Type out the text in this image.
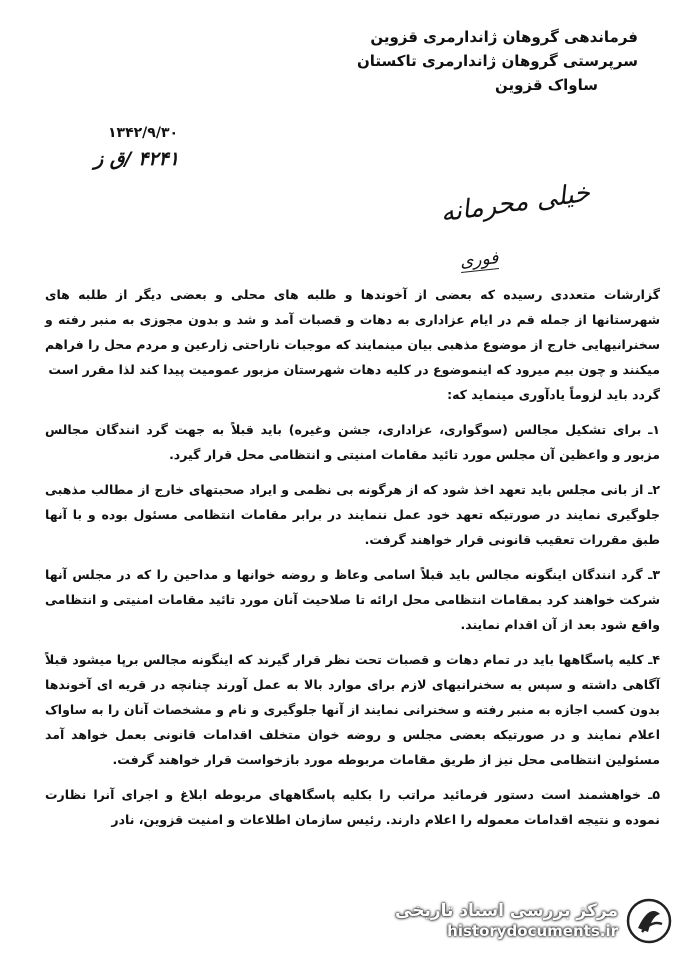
فرماندهی گروهان ژاندارمری قزوین
سرپرستی گروهان ژاندارمری تاکستان
ساواک قزوین
۱۳۴۲/۹/۳۰
۴۲۴۱ /ق ز
خیلی محرمانه
فوری

گزارشات متعددی رسیده که بعضی از آخوندها و طلبه های محلی و بعضی دیگر از طلبه های شهرستانها از جمله قم در ایام عزاداری به دهات و قصبات آمد و شد و بدون مجوزی به منبر رفته و سخنرانیهایی خارج از موضوع مذهبی بیان مینمایند که موجبات ناراحتی زارعین و مردم محل را فراهم میکنند و چون بیم میرود که اینموضوع در کلیه دهات شهرستان مزبور عمومیت پیدا کند لذا مقرر است

گردد باید لزوماً یادآوری مینماید که:

۱ـ برای تشکیل مجالس (سوگواری، عزاداری، جشن وغیره) باید قبلاً به جهت گرد انندگان مجالس مزبور و واعظین آن مجلس مورد تائید مقامات امنیتی و انتظامی محل قرار گیرد.

۲ـ از بانی مجلس باید تعهد اخذ شود که از هرگونه بی نظمی و ایراد صحبتهای خارج از مطالب مذهبی جلوگیری نمایند در صورتیکه تعهد خود عمل ننمایند در برابر مقامات انتظامی مسئول بوده و با آنها طبق مقررات تعقیب قانونی قرار خواهند گرفت.

۳ـ گرد انندگان اینگونه مجالس باید قبلاً اسامی وعاظ و روضه خوانها و مداحین را که در مجلس آنها شرکت خواهند کرد بمقامات انتظامی محل ارائه تا صلاحیت آنان مورد تائید مقامات امنیتی و انتظامی واقع شود بعد از آن اقدام نمایند.

۴ـ کلیه پاسگاهها باید در تمام دهات و قصبات تحت نظر قرار گیرند که اینگونه مجالس برپا میشود قبلاً آگاهی داشته و سپس به سخنرانیهای لازم برای موارد بالا به عمل آورند چنانچه در قریه ای آخوندها بدون کسب اجازه به منبر رفته و سخنرانی نمایند از آنها جلوگیری و نام و مشخصات آنان را به ساواک اعلام نمایند و در صورتیکه بعضی مجلس و روضه خوان متخلف اقدامات قانونی بعمل خواهد آمد مسئولین انتظامی محل نیز از طریق مقامات مربوطه مورد بازخواست قرار خواهند گرفت.

۵ـ خواهشمند است دستور فرمائید مراتب را بکلیه پاسگاههای مربوطه ابلاغ و اجرای آنرا نظارت نموده و نتیجه اقدامات معموله را اعلام دارند. رئیس سازمان اطلاعات و امنیت قزوین، نادر

مرکز بررسی اسناد تاریخی
historydocuments.ir
